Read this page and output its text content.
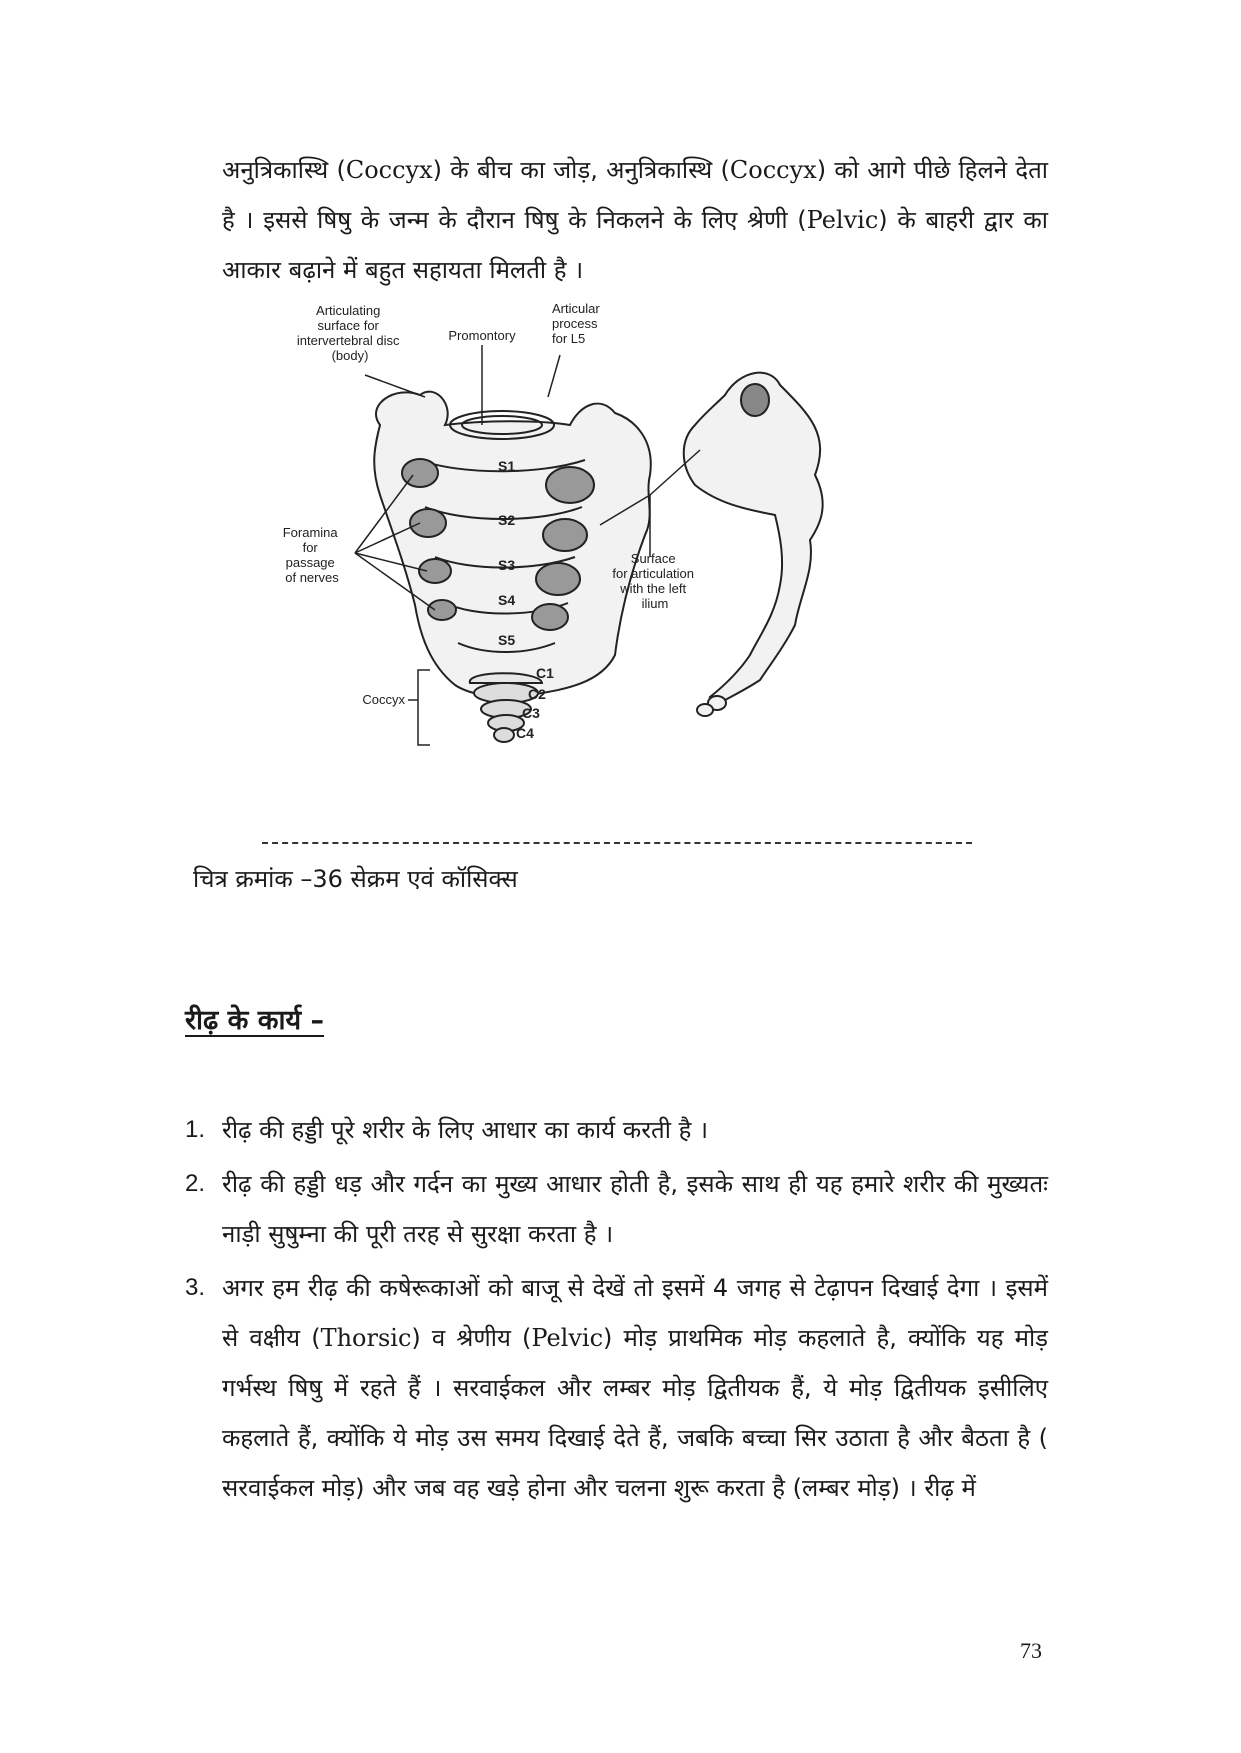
अनुत्रिकास्थि (Coccyx) के बीच का जोड़, अनुत्रिकास्थि (Coccyx) को आगे पीछे हिलने देता है । इससे षिषु के जन्म के दौरान षिषु के निकलने के लिए श्रेणी (Pelvic) के बाहरी द्वार का आकार बढ़ाने में बहुत सहायता मिलती है ।

Articulating surface for intervertebral disc (body)
Promontory
Articular process for L5
Foramina for passage of nerves
Surface for articulation with the left ilium
Coccyx
S1
S2
S3
S4
S5
C1
C2
C3
C4

चित्र क्रमांक –36 सेक्रम एवं कॉसिक्स

रीढ़ के कार्य –
1. रीढ़ की हड्डी पूरे शरीर के लिए आधार का कार्य करती है ।
2. रीढ़ की हड्डी धड़ और गर्दन का मुख्य आधार होती है, इसके साथ ही यह हमारे शरीर की मुख्यतः नाड़ी सुषुम्ना की पूरी तरह से सुरक्षा करता है ।
3. अगर हम रीढ़ की कषेरूकाओं को बाजू से देखें तो इसमें 4 जगह से टेढ़ापन दिखाई देगा । इसमें से वक्षीय (Thorsic) व श्रेणीय (Pelvic) मोड़ प्राथमिक मोड़ कहलाते है, क्योंकि यह मोड़ गर्भस्थ षिषु में रहते हैं । सरवाईकल और लम्बर मोड़ द्वितीयक हैं, ये मोड़ द्वितीयक इसीलिए कहलाते हैं, क्योंकि ये मोड़ उस समय दिखाई देते हैं, जबकि बच्चा सिर उठाता है और बैठता है ( सरवाईकल मोड़) और जब वह खड़े होना और चलना शुरू करता है (लम्बर मोड़) । रीढ़ में

73
